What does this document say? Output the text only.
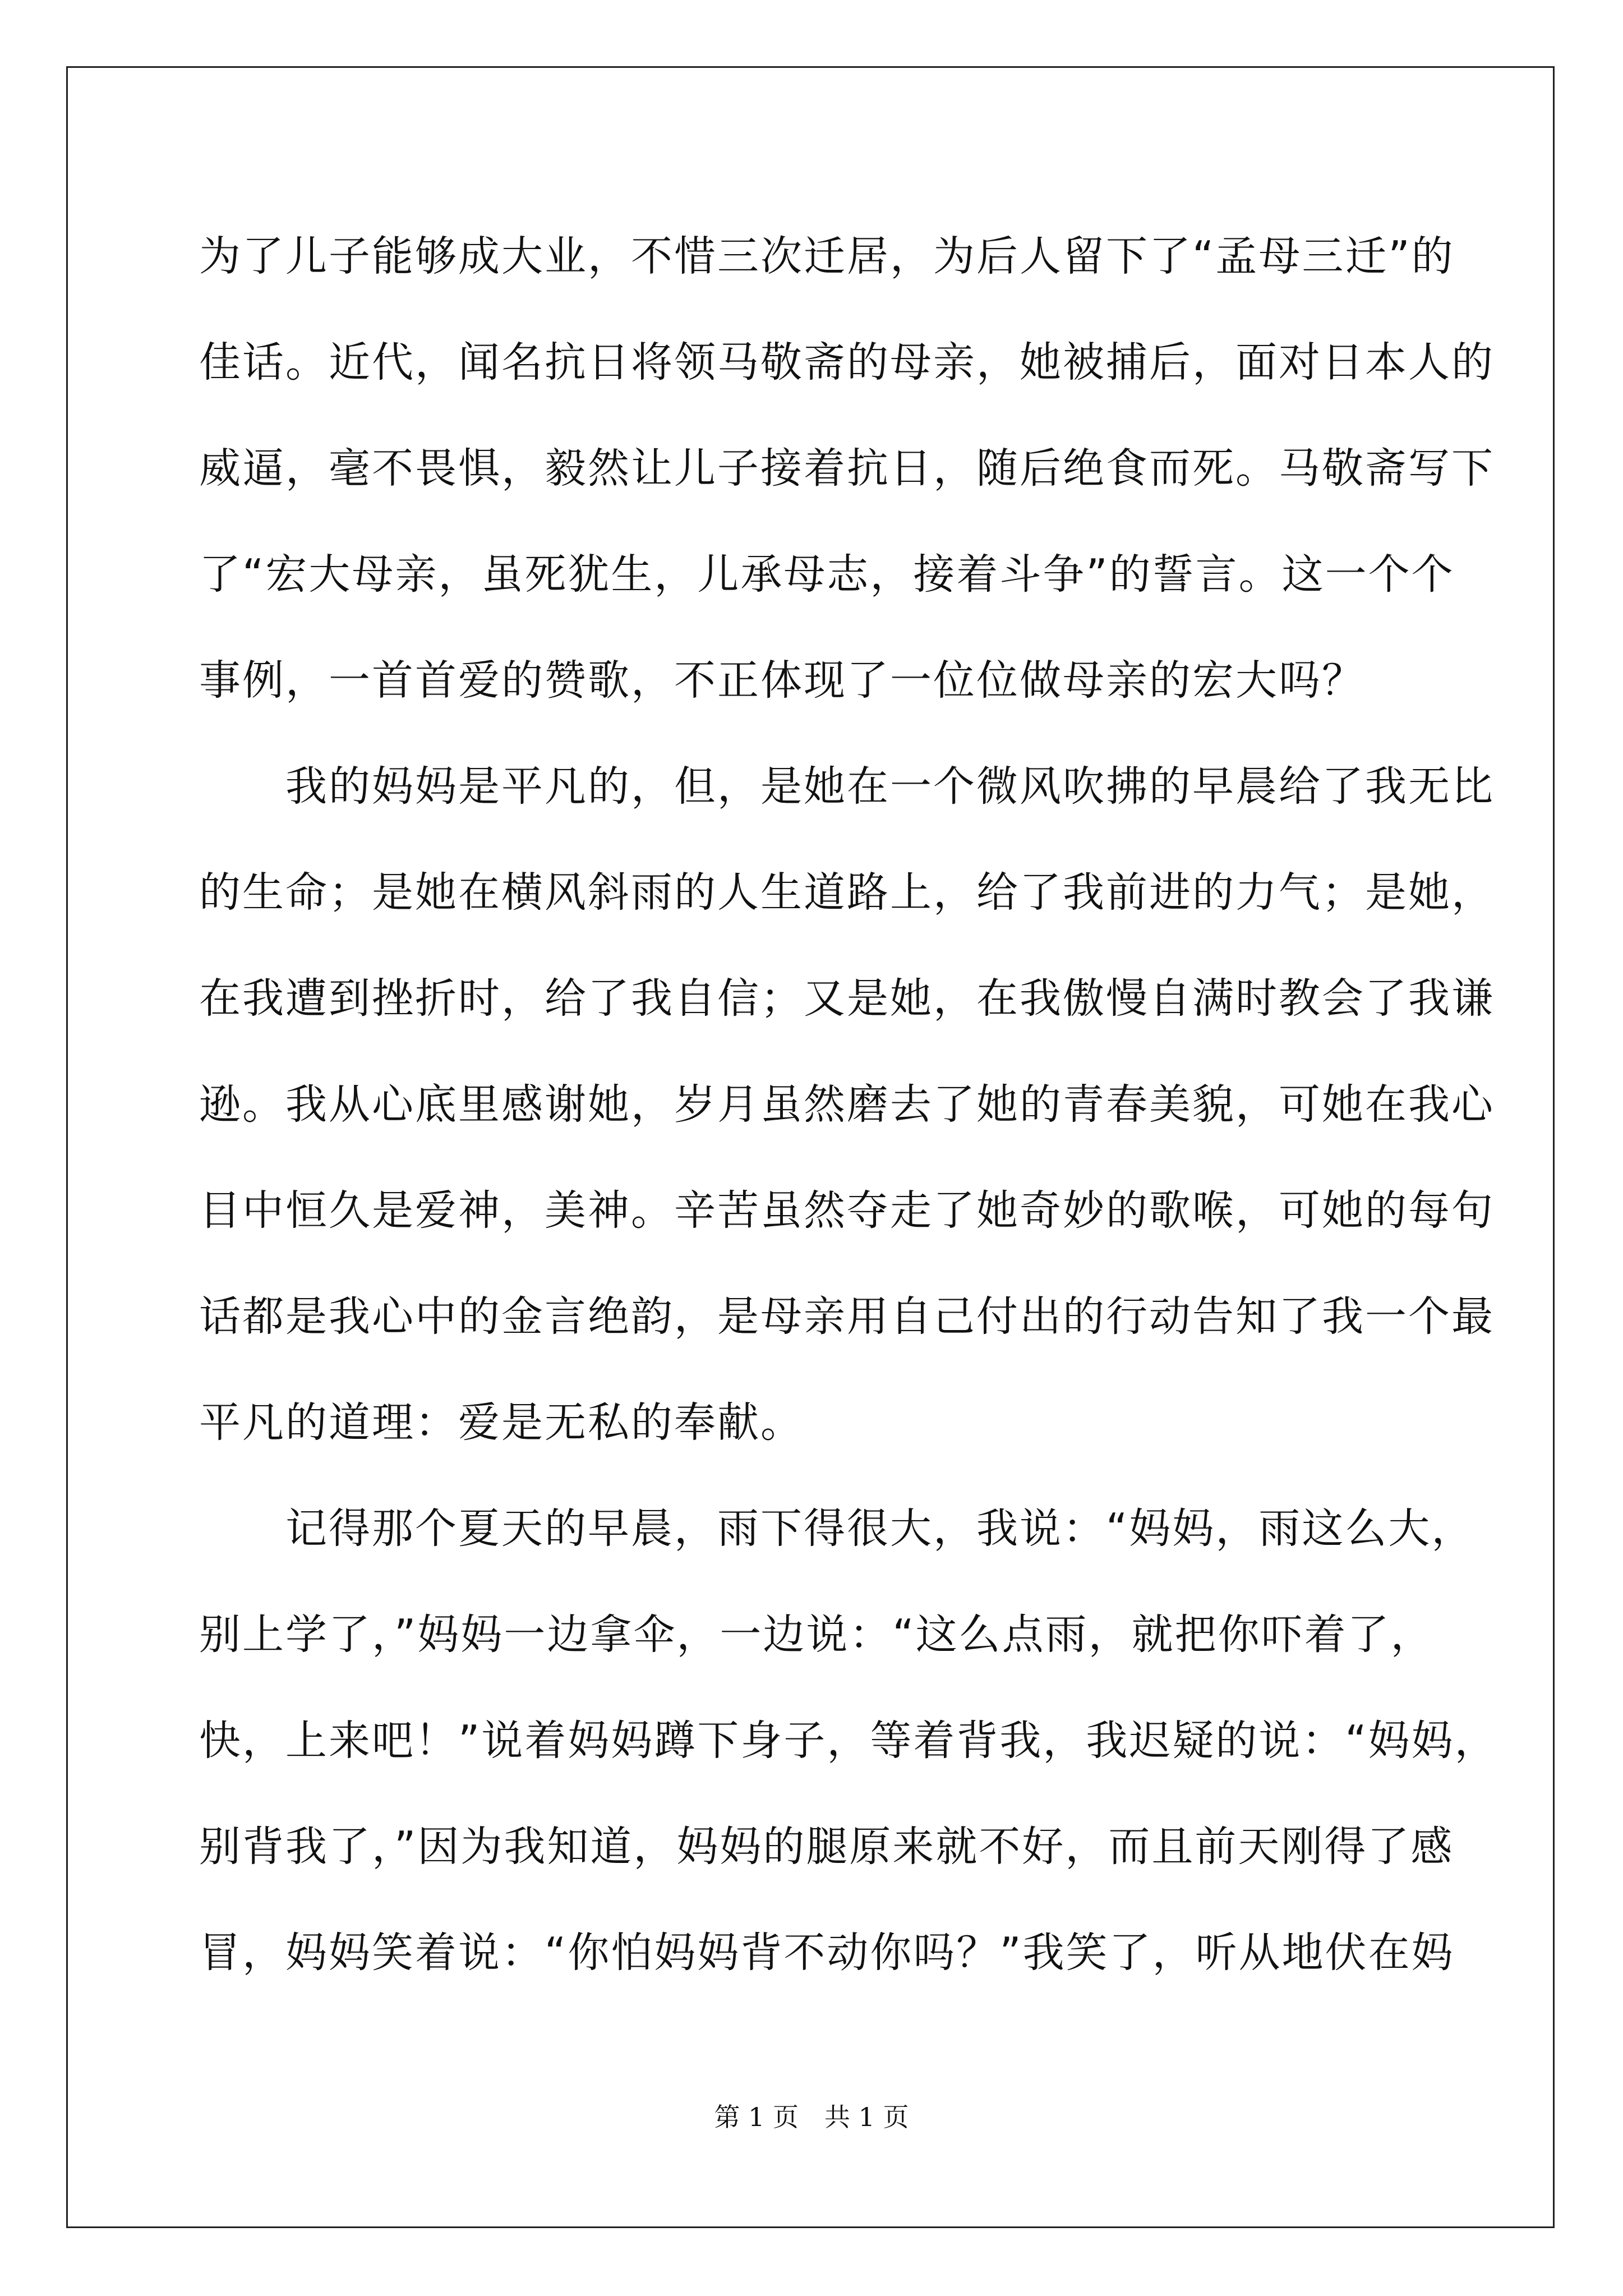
为了儿子能够成大业，不惜三次迁居，为后人留下了“孟母三迁”的
佳话。近代，闻名抗日将领马敬斋的母亲，她被捕后，面对日本人的
威逼，毫不畏惧，毅然让儿子接着抗日，随后绝食而死。马敬斋写下
了“宏大母亲，虽死犹生，儿承母志，接着斗争”的誓言。这一个个
事例，一首首爱的赞歌，不正体现了一位位做母亲的宏大吗？
　　我的妈妈是平凡的，但，是她在一个微风吹拂的早晨给了我无比
的生命；是她在横风斜雨的人生道路上，给了我前进的力气；是她，
在我遭到挫折时，给了我自信；又是她，在我傲慢自满时教会了我谦
逊。我从心底里感谢她，岁月虽然磨去了她的青春美貌，可她在我心
目中恒久是爱神，美神。辛苦虽然夺走了她奇妙的歌喉，可她的每句
话都是我心中的金言绝韵，是母亲用自己付出的行动告知了我一个最
平凡的道理：爱是无私的奉献。
　　记得那个夏天的早晨，雨下得很大，我说：“妈妈，雨这么大，
别上学了，”妈妈一边拿伞，一边说：“这么点雨，就把你吓着了，
快，上来吧！”说着妈妈蹲下身子，等着背我，我迟疑的说：“妈妈，
别背我了，”因为我知道，妈妈的腿原来就不好，而且前天刚得了感
冒，妈妈笑着说：“你怕妈妈背不动你吗？”我笑了，听从地伏在妈
第 1 页　共 1 页
